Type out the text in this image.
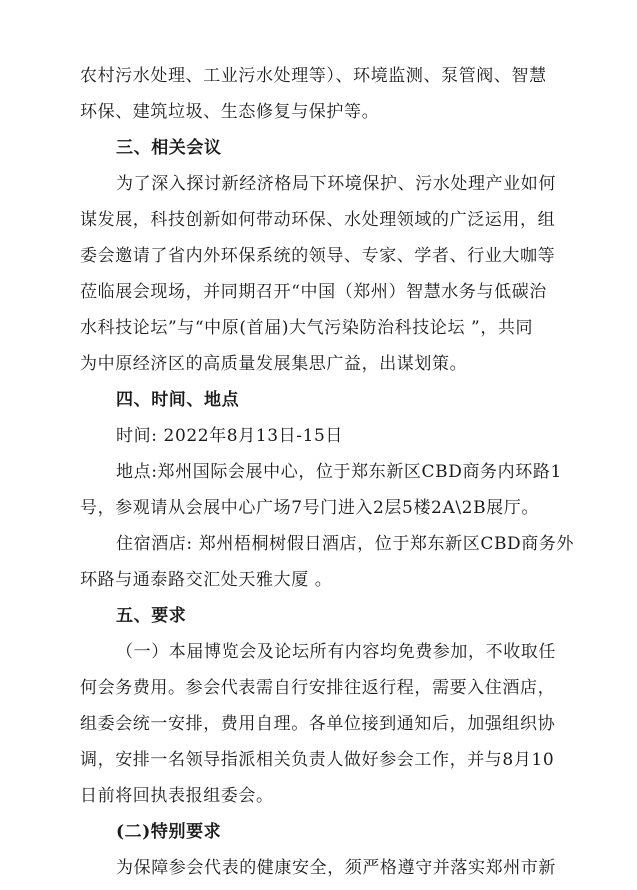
农村污水处理、工业污水处理等）、环境监测、泵管阀、智慧
环保、建筑垃圾、生态修复与保护等。
三、相关会议
为了深入探讨新经济格局下环境保护、污水处理产业如何
谋发展，科技创新如何带动环保、水处理领域的广泛运用，组
委会邀请了省内外环保系统的领导、专家、学者、行业大咖等
莅临展会现场，并同期召开“中国（郑州）智慧水务与低碳治
水科技论坛”与“中原(首届)大气污染防治科技论坛 ”，共同
为中原经济区的高质量发展集思广益，出谋划策。
四、时间、地点
时间: 2022年8月13日-15日
地点:郑州国际会展中心，位于郑东新区CBD商务内环路1
号，参观请从会展中心广场7号门进入2层5楼2A\2B展厅。
住宿酒店: 郑州梧桐树假日酒店，位于郑东新区CBD商务外
环路与通泰路交汇处天雅大厦 。
五、要求
（一）本届博览会及论坛所有内容均免费参加，不收取任
何会务费用。参会代表需自行安排往返行程，需要入住酒店，
组委会统一安排，费用自理。各单位接到通知后，加强组织协
调，安排一名领导指派相关负责人做好参会工作，并与8月10
日前将回执表报组委会。
(二)特别要求
为保障参会代表的健康安全，须严格遵守并落实郑州市新
